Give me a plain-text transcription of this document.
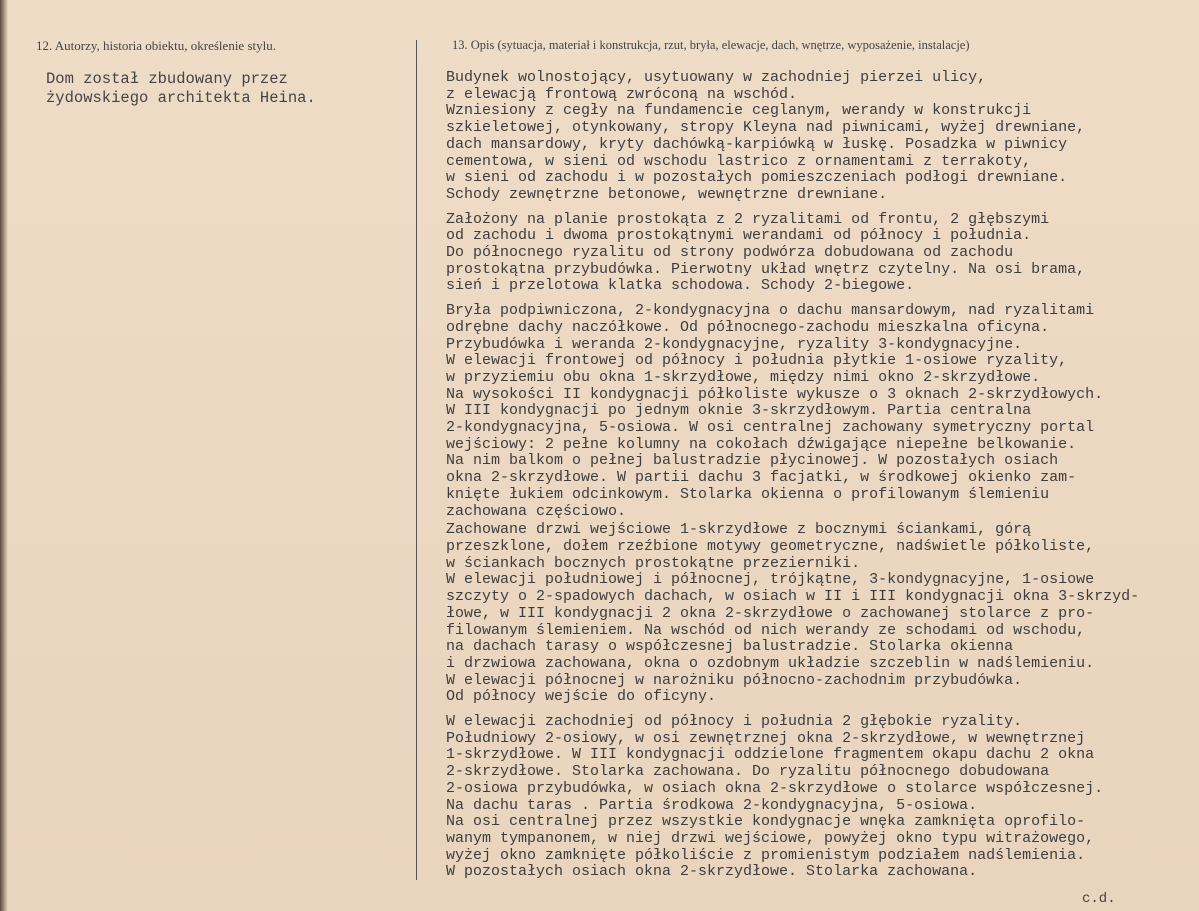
12. Autorzy, historia obiektu, określenie stylu.	13. Opis (sytuacja, materiał i konstrukcja, rzut, bryła, elewacje, dach, wnętrze, wyposażenie, instalacje)
Dom został zbudowany przez
żydowskiego architekta Heina.
Budynek wolnostojący, usytuowany w zachodniej pierzei ulicy,
z elewacją frontową zwróconą na wschód.
Wzniesiony z cegły na fundamencie ceglanym, werandy w konstrukcji
szkieletowej, otynkowany, stropy Kleyna nad piwnicami, wyżej drewniane,
dach mansardowy, kryty dachówką-karpiówką w łuskę. Posadzka w piwnicy
cementowa, w sieni od wschodu lastrico z ornamentami z terrakoty,
w sieni od zachodu i w pozostałych pomieszczeniach podłogi drewniane.
Schody zewnętrzne betonowe, wewnętrzne drewniane.
Założony na planie prostokąta z 2 ryzalitami od frontu, 2 głębszymi
od zachodu i dwoma prostokątnymi werandami od północy i południa.
Do północnego ryzalitu od strony podwórza dobudowana od zachodu
prostokątna przybudówka. Pierwotny układ wnętrz czytelny. Na osi brama,
sień i przelotowa klatka schodowa. Schody 2-biegowe.
Bryła podpiwniczona, 2-kondygnacyjna o dachu mansardowym, nad ryzalitami
odrębne dachy naczółkowe. Od północnego-zachodu mieszkalna oficyna.
Przybudówka i weranda 2-kondygnacyjne, ryzality 3-kondygnacyjne.
W elewacji frontowej od północy i południa płytkie 1-osiowe ryzality,
w przyziemiu obu okna 1-skrzydłowe, między nimi okno 2-skrzydłowe.
Na wysokości II kondygnacji półkoliste wykusze o 3 oknach 2-skrzydłowych.
W III kondygnacji po jednym oknie 3-skrzydłowym. Partia centralna
2-kondygnacyjna, 5-osiowa. W osi centralnej zachowany symetryczny portal
wejściowy: 2 pełne kolumny na cokołach dźwigające niepełne belkowanie.
Na nim balkom o pełnej balustradzie płycinowej. W pozostałych osiach
okna 2-skrzydłowe. W partii dachu 3 facjatki, w środkowej okienko zam-
knięte łukiem odcinkowym. Stolarka okienna o profilowanym ślemieniu
zachowana częściowo.
Zachowane drzwi wejściowe 1-skrzydłowe z bocznymi ściankami, górą
przeszklone, dołem rzeźbione motywy geometryczne, nadświetle półkoliste,
w ściankach bocznych prostokątne przezierniki.
W elewacji południowej i północnej, trójkątne, 3-kondygnacyjne, 1-osiowe
szczyty o 2-spadowych dachach, w osiach w II i III kondygnacji okna 3-skrzyd-
łowe, w III kondygnacji 2 okna 2-skrzydłowe o zachowanej stolarce z pro-
filowanym ślemieniem. Na wschód od nich werandy ze schodami od wschodu,
na dachach tarasy o współczesnej balustradzie. Stolarka okienna
i drzwiowa zachowana, okna o ozdobnym układzie szczeblin w nadślemieniu.
W elewacji północnej w narożniku północno-zachodnim przybudówka.
Od północy wejście do oficyny.
W elewacji zachodniej od północy i południa 2 głębokie ryzality.
Południowy 2-osiowy, w osi zewnętrznej okna 2-skrzydłowe, w wewnętrznej
1-skrzydłowe. W III kondygnacji oddzielone fragmentem okapu dachu 2 okna
2-skrzydłowe. Stolarka zachowana. Do ryzalitu północnego dobudowana
2-osiowa przybudówka, w osiach okna 2-skrzydłowe o stolarce współczesnej.
Na dachu taras . Partia środkowa 2-kondygnacyjna, 5-osiowa.
Na osi centralnej przez wszystkie kondygnacje wnęka zamknięta oprofilo-
wanym tympanonem, w niej drzwi wejściowe, powyżej okno typu witrażowego,
wyżej okno zamknięte półkoliście z promienistym podziałem nadślemienia.
W pozostałych osiach okna 2-skrzydłowe. Stolarka zachowana.
c.d.
